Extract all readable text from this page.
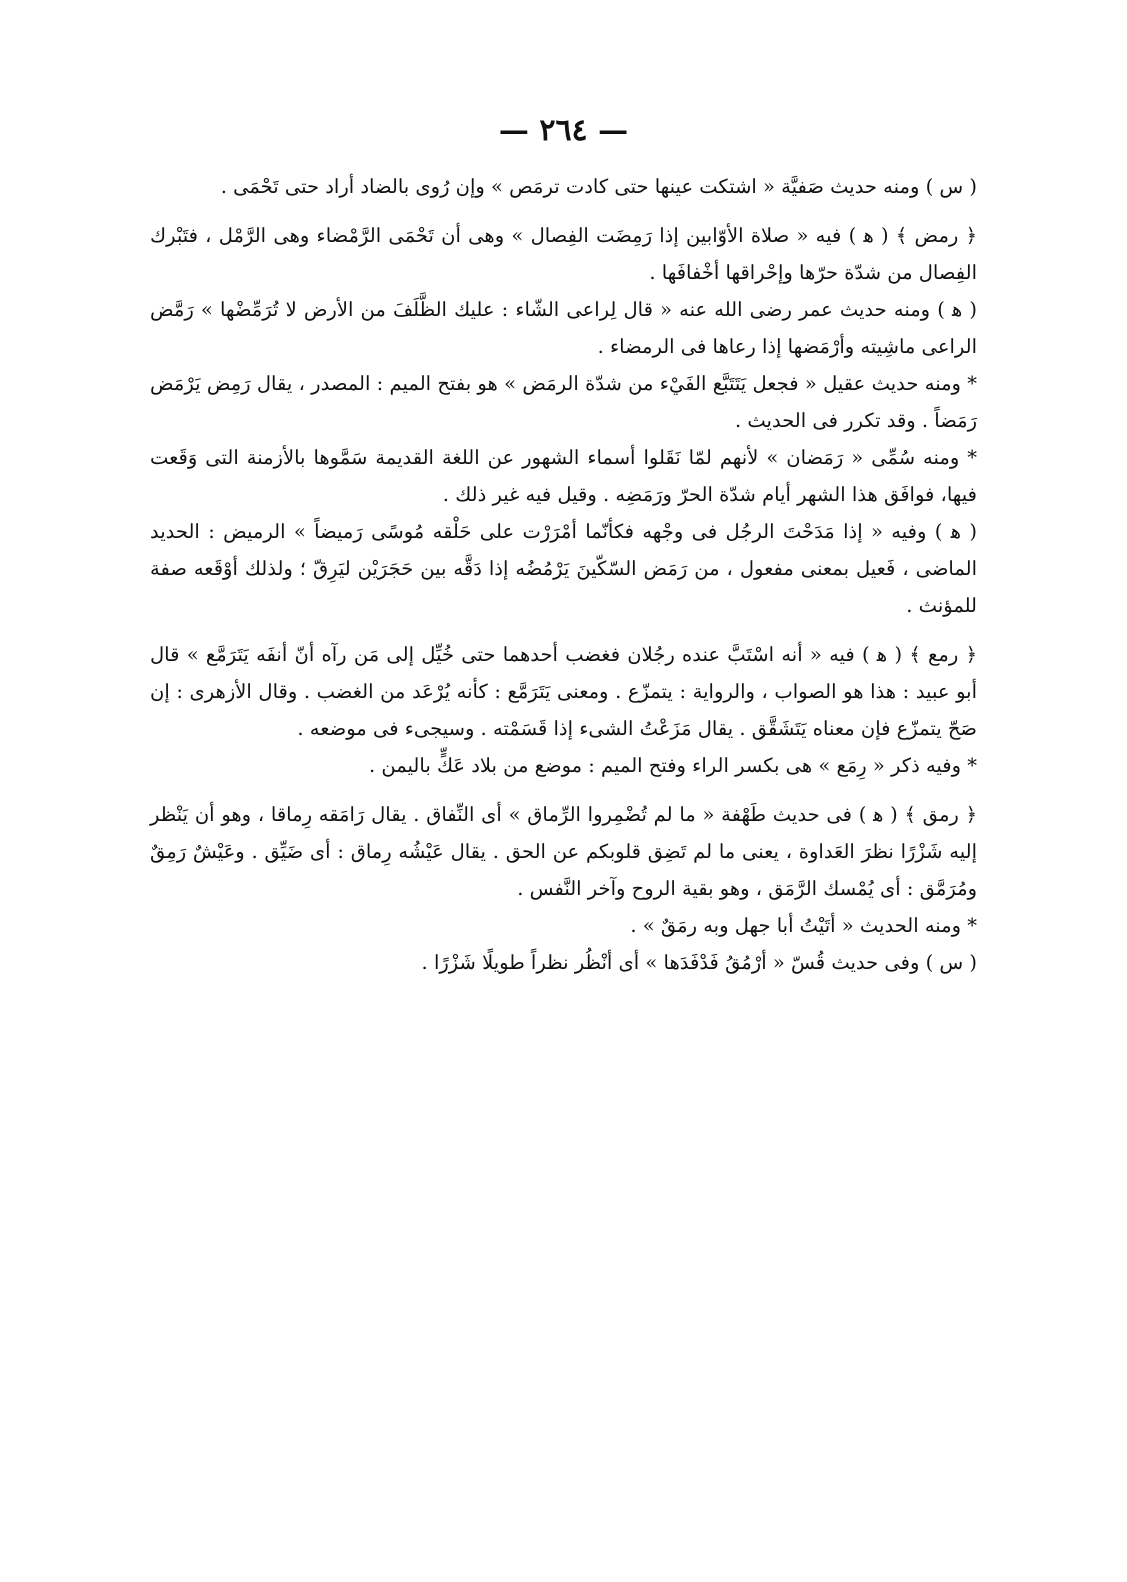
— ٢٦٤ —

( س ) ومنه حديث صَفيَّة « اشتكت عينها حتى كادت ترمَص » وإن رُوى بالضاد أراد حتى تَحْمَى .

﴿ رمض ﴾ ( ﻫ ) فيه « صلاة الأوّابين إذا رَمِضَت الفِصال » وهى أن تَحْمَى الرَّمْضاء وهى الرَّمْل ، فتَبْرك الفِصال من شدّة حرّها وإحْراقها أخْفافَها .

( ﻫ ) ومنه حديث عمر رضى الله عنه « قال لِراعى الشّاء : عليك الظَّلَفَ من الأرض لا تُرَمِّضْها » رَمَّض الراعى ماشِيته وأرْمَضها إذا رعاها فى الرمضاء .

* ومنه حديث عقيل « فجعل يَتَتَبَّع الفَيْء من شدّة الرمَض » هو بفتح الميم : المصدر ، يقال رَمِض يَرْمَض رَمَضاً . وقد تكرر فى الحديث .

* ومنه سُمِّى « رَمَضان » لأنهم لمّا نَقَلوا أسماء الشهور عن اللغة القديمة سَمَّوها بالأزمنة التى وَقَعت فيها، فوافَق هذا الشهر أيام شدّة الحرّ ورَمَضِه . وقيل فيه غير ذلك .

( ﻫ ) وفيه « إذا مَدَحْتَ الرجُل فى وجْهه فكأنّما أمْرَرْت على حَلْقه مُوسًى رَميضاً » الرميض : الحديد الماضى ، فَعيل بمعنى مفعول ، من رَمَض السّكّينَ يَرْمُضُه إذا دَقَّه بين حَجَرَيْن ليَرِقّ ؛ ولذلك أوْقَعه صفة للمؤنث .

﴿ رمع ﴾ ( ﻫ ) فيه « أنه اسْتَبَّ عنده رجُلان فغضب أحدهما حتى خُيِّل إلى مَن رآه أنّ أنفَه يَتَرَمَّع » قال أبو عبيد : هذا هو الصواب ، والرواية : يتمزّع . ومعنى يَتَرَمَّع : كأنه يُرْعَد من الغضب . وقال الأزهرى : إن صَحّ يتمزّع فإن معناه يَتَشَقَّق . يقال مَزَعْتُ الشىء إذا قَسَمْته . وسيجىء فى موضعه .

* وفيه ذكر « رِمَع » هى بكسر الراء وفتح الميم : موضع من بلاد عَكٍّ باليمن .

﴿ رمق ﴾ ( ﻫ ) فى حديث طَهْفة « ما لم تُضْمِروا الرِّماق » أى النِّفاق . يقال رَامَقه رِماقا ، وهو أن يَنْظر إليه شَزْرًا نظرَ العَداوة ، يعنى ما لم تَضِق قلوبكم عن الحق . يقال عَيْشُه رِماق : أى ضَيِّق . وعَيْشٌ رَمِقٌ ومُرَمَّق : أى يُمْسك الرَّمَق ، وهو بقية الروح وآخر النَّفس .

* ومنه الحديث « أتَيْتُ أبا جهل وبه رمَقٌ » .

( س ) وفى حديث قُسّ « أرْمُقُ فَدْفَدَها » أى أنْظُر نظراً طويلًا شَزْرًا .
